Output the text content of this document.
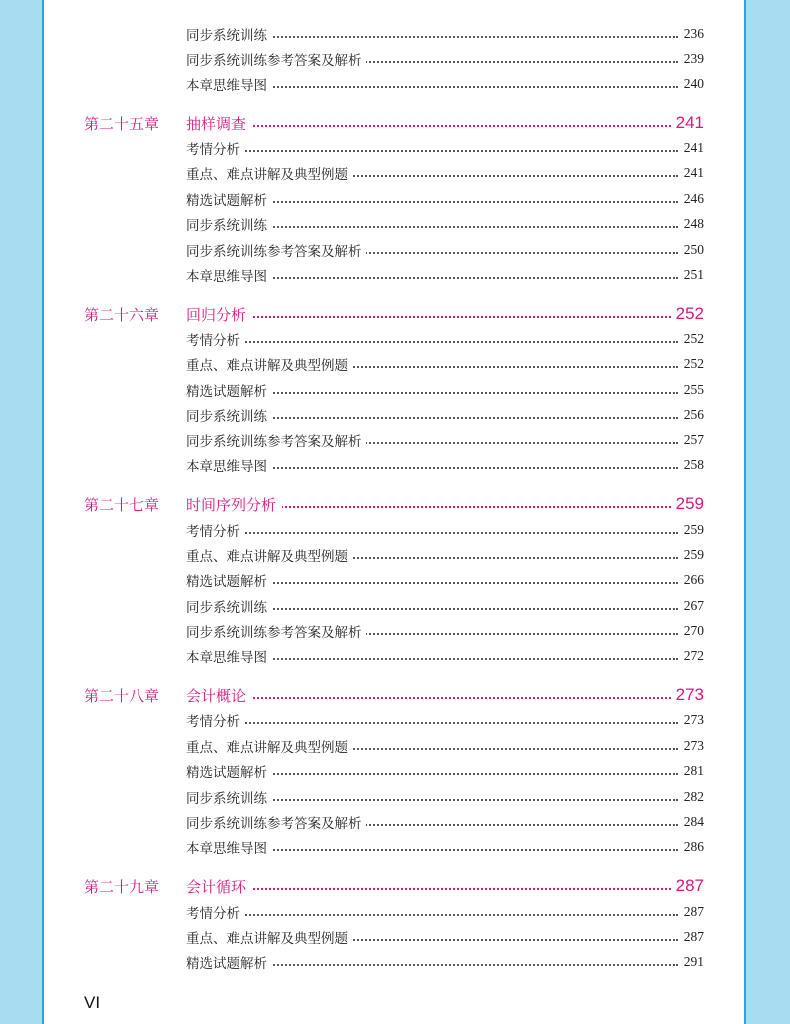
同步系统训练	236
同步系统训练参考答案及解析	239
本章思维导图	240
第二十五章 抽样调查	241
考情分析	241
重点、难点讲解及典型例题	241
精选试题解析	246
同步系统训练	248
同步系统训练参考答案及解析	250
本章思维导图	251
第二十六章 回归分析	252
考情分析	252
重点、难点讲解及典型例题	252
精选试题解析	255
同步系统训练	256
同步系统训练参考答案及解析	257
本章思维导图	258
第二十七章 时间序列分析	259
考情分析	259
重点、难点讲解及典型例题	259
精选试题解析	266
同步系统训练	267
同步系统训练参考答案及解析	270
本章思维导图	272
第二十八章 会计概论	273
考情分析	273
重点、难点讲解及典型例题	273
精选试题解析	281
同步系统训练	282
同步系统训练参考答案及解析	284
本章思维导图	286
第二十九章 会计循环	287
考情分析	287
重点、难点讲解及典型例题	287
精选试题解析	291
VI
